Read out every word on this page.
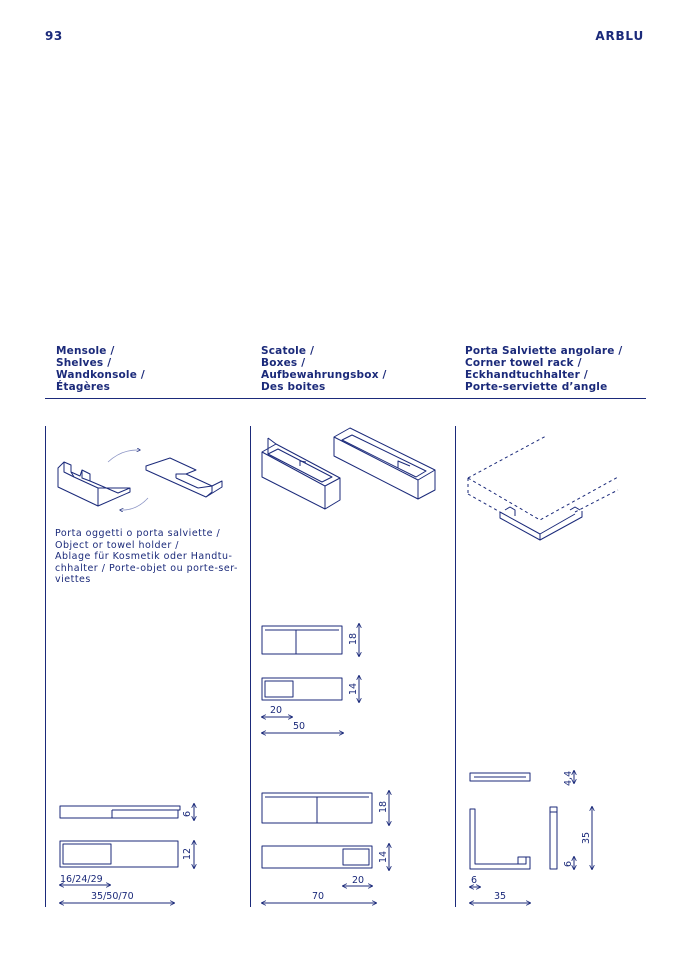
93	ARBLU
Mensole /
Shelves /
Wandkonsole /
Étagères
Scatole /
Boxes /
Aufbewahrungsbox /
Des boites
Porta Salviette angolare /
Corner towel rack /
Eckhandtuchhalter /
Porte-serviette d’angle
Porta oggetti o porta salviette /
Object or towel holder /
Ablage für Kosmetik oder Handtu-
chhalter / Porte-objet ou porte-ser-
viettes
6
12
16/24/29
35/50/70
18
14
20
50
18
14
20
70
4,4
35
6
6
35
